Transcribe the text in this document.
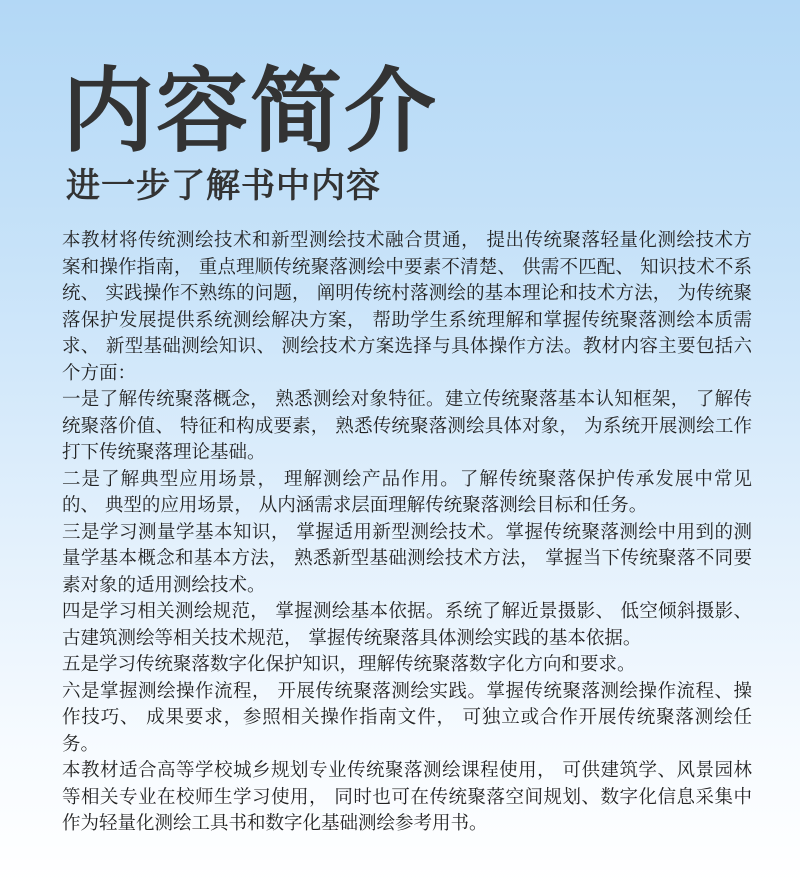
内容简介
进一步了解书中内容

本教材将传统测绘技术和新型测绘技术融合贯通， 提出传统聚落轻量化测绘技术方案和操作指南， 重点理顺传统聚落测绘中要素不清楚、 供需不匹配、 知识技术不系统、 实践操作不熟练的问题， 阐明传统村落测绘的基本理论和技术方法， 为传统聚落保护发展提供系统测绘解决方案， 帮助学生系统理解和掌握传统聚落测绘本质需求、 新型基础测绘知识、 测绘技术方案选择与具体操作方法。教材内容主要包括六个方面：

一是了解传统聚落概念， 熟悉测绘对象特征。建立传统聚落基本认知框架， 了解传统聚落价值、 特征和构成要素， 熟悉传统聚落测绘具体对象， 为系统开展测绘工作打下传统聚落理论基础。

二是了解典型应用场景， 理解测绘产品作用。了解传统聚落保护传承发展中常见的、 典型的应用场景， 从内涵需求层面理解传统聚落测绘目标和任务。

三是学习测量学基本知识， 掌握适用新型测绘技术。掌握传统聚落测绘中用到的测量学基本概念和基本方法， 熟悉新型基础测绘技术方法， 掌握当下传统聚落不同要素对象的适用测绘技术。

四是学习相关测绘规范， 掌握测绘基本依据。系统了解近景摄影、 低空倾斜摄影、 古建筑测绘等相关技术规范， 掌握传统聚落具体测绘实践的基本依据。

五是学习传统聚落数字化保护知识，理解传统聚落数字化方向和要求。

六是掌握测绘操作流程， 开展传统聚落测绘实践。掌握传统聚落测绘操作流程、操作技巧、 成果要求，参照相关操作指南文件， 可独立或合作开展传统聚落测绘任务。

本教材适合高等学校城乡规划专业传统聚落测绘课程使用， 可供建筑学、风景园林等相关专业在校师生学习使用， 同时也可在传统聚落空间规划、数字化信息采集中作为轻量化测绘工具书和数字化基础测绘参考用书。
